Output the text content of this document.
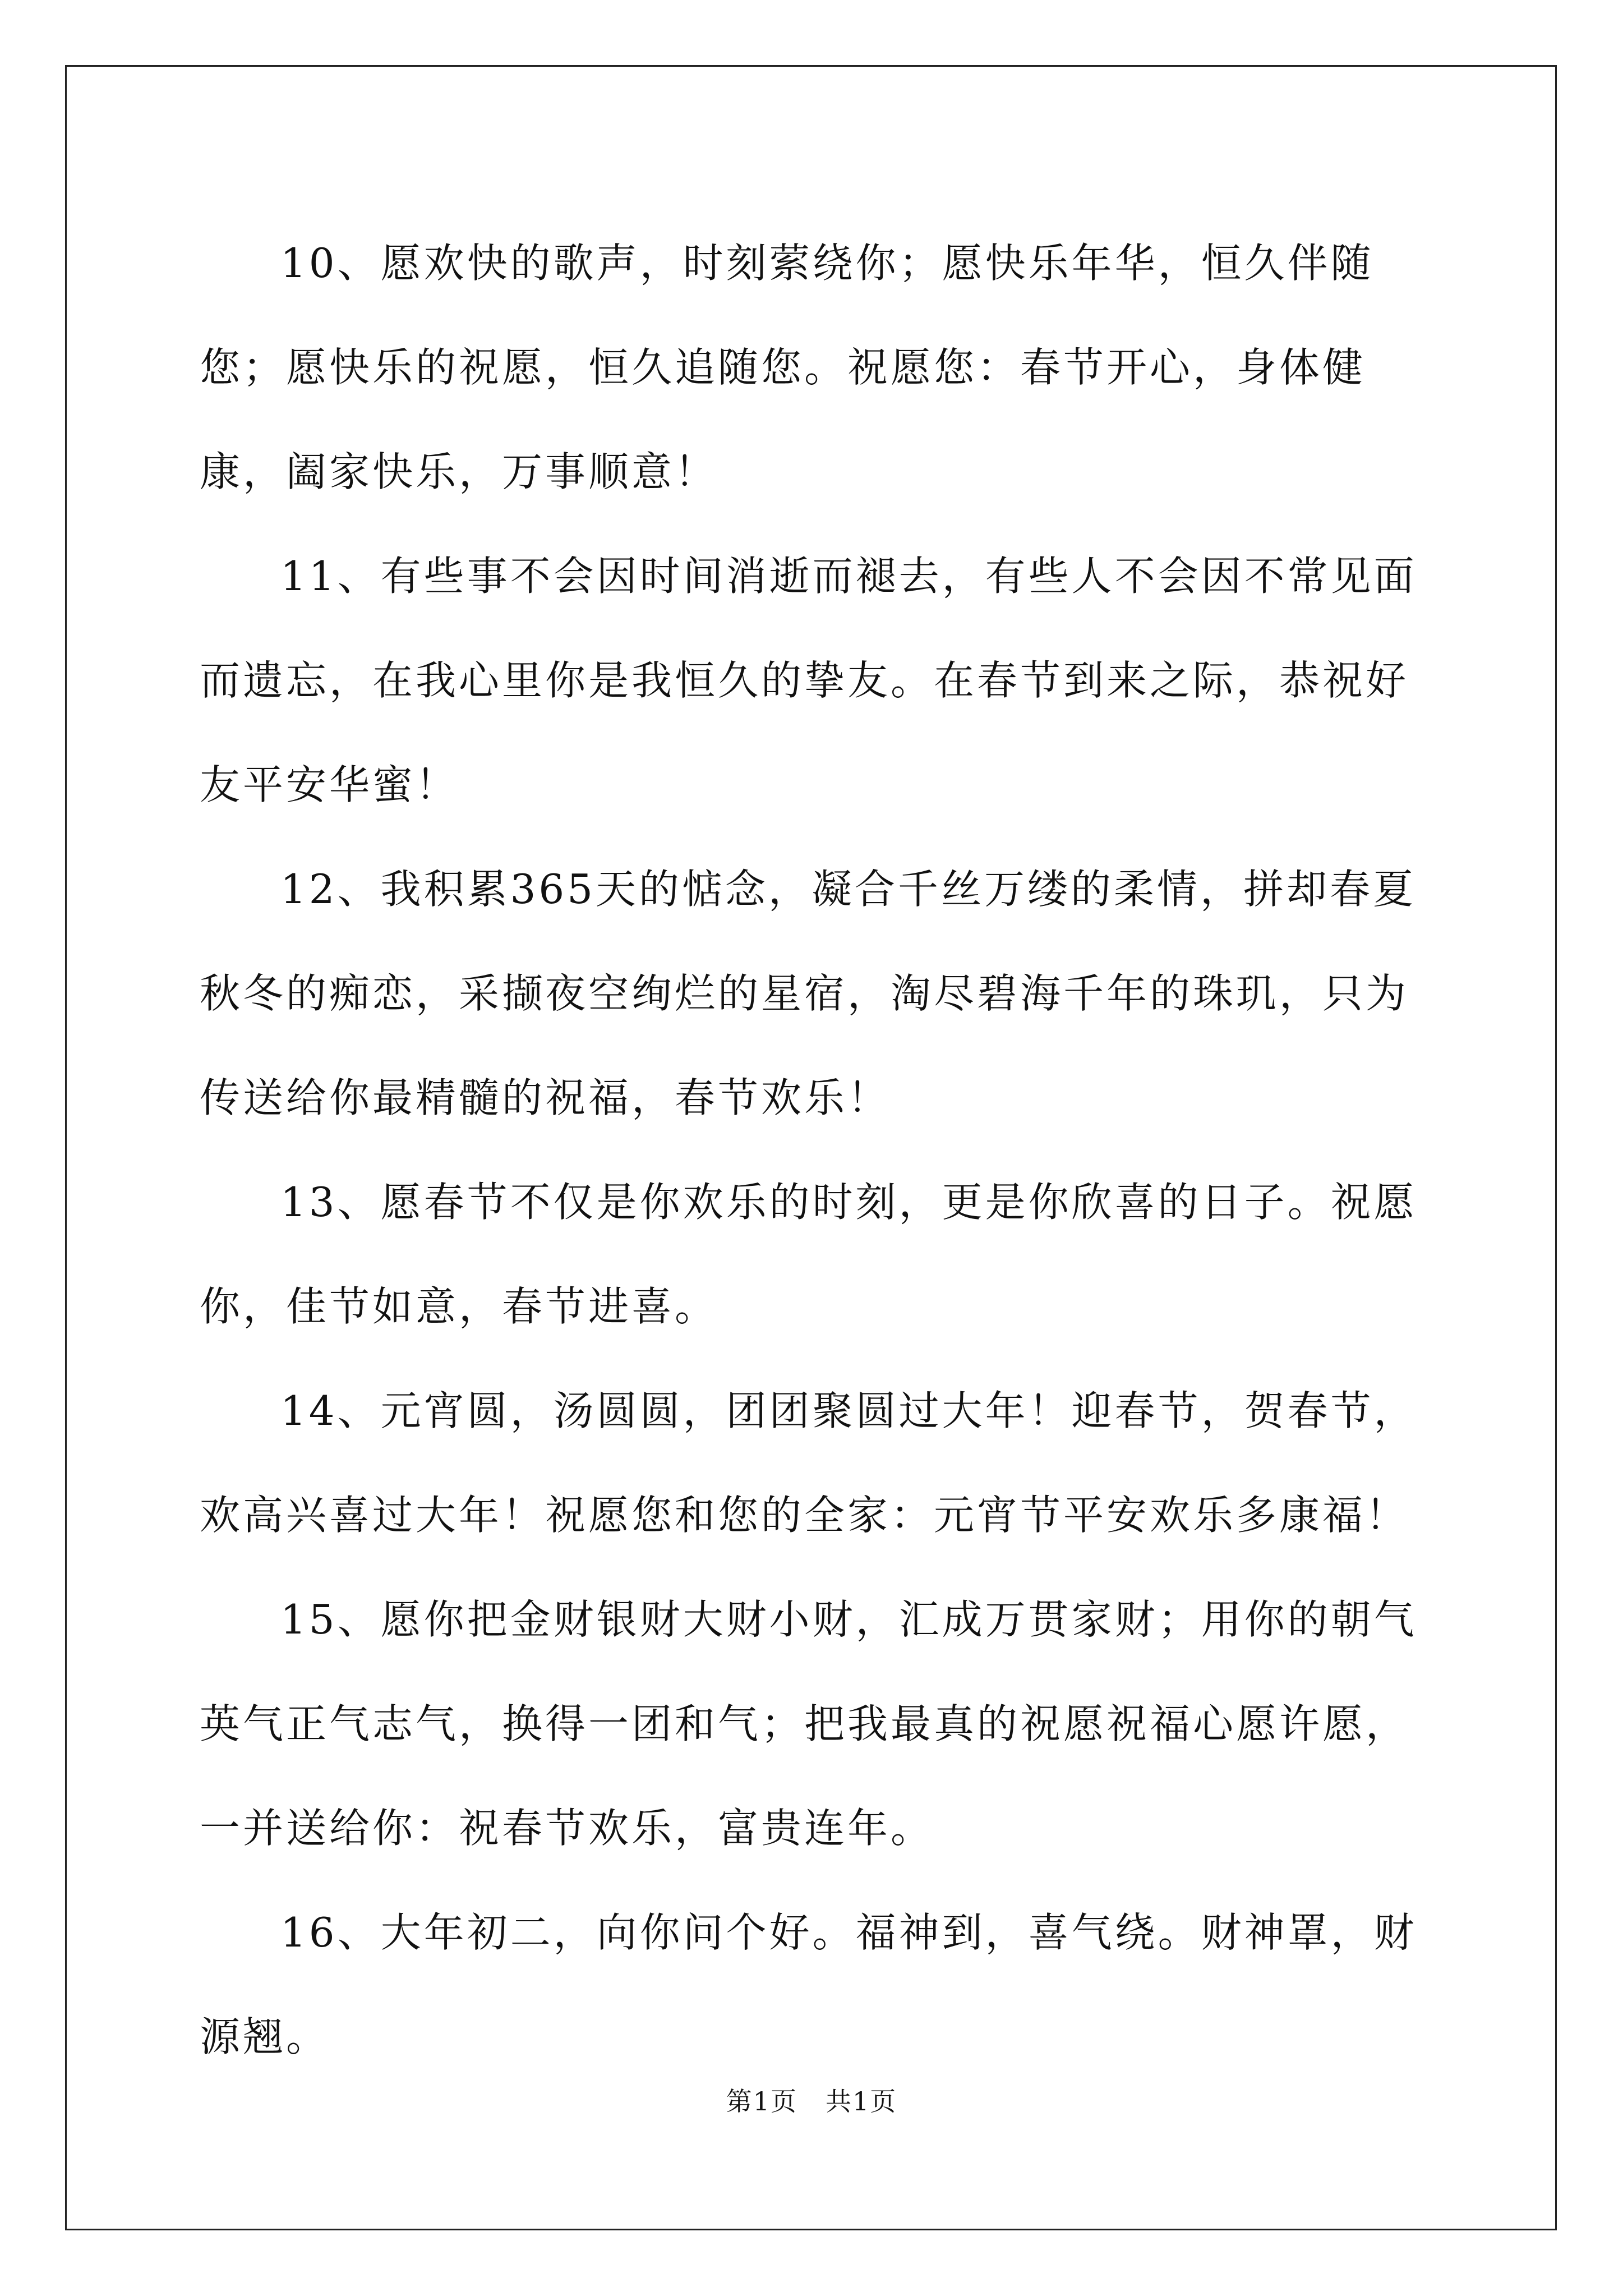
10、愿欢快的歌声，时刻萦绕你；愿快乐年华，恒久伴随您；愿快乐的祝愿，恒久追随您。祝愿您：春节开心，身体健康，阖家快乐，万事顺意！

11、有些事不会因时间消逝而褪去，有些人不会因不常见面而遗忘，在我心里你是我恒久的挚友。在春节到来之际，恭祝好友平安华蜜！

12、我积累365天的惦念，凝合千丝万缕的柔情，拼却春夏秋冬的痴恋，采撷夜空绚烂的星宿，淘尽碧海千年的珠玑，只为传送给你最精髓的祝福，春节欢乐！

13、愿春节不仅是你欢乐的时刻，更是你欣喜的日子。祝愿你，佳节如意，春节进喜。

14、元宵圆，汤圆圆，团团聚圆过大年！迎春节，贺春节，欢高兴喜过大年！祝愿您和您的全家：元宵节平安欢乐多康福！

15、愿你把金财银财大财小财，汇成万贯家财；用你的朝气英气正气志气，换得一团和气；把我最真的祝愿祝福心愿许愿，一并送给你：祝春节欢乐，富贵连年。

16、大年初二，向你问个好。福神到，喜气绕。财神罩，财源翘。

第1页 共1页
